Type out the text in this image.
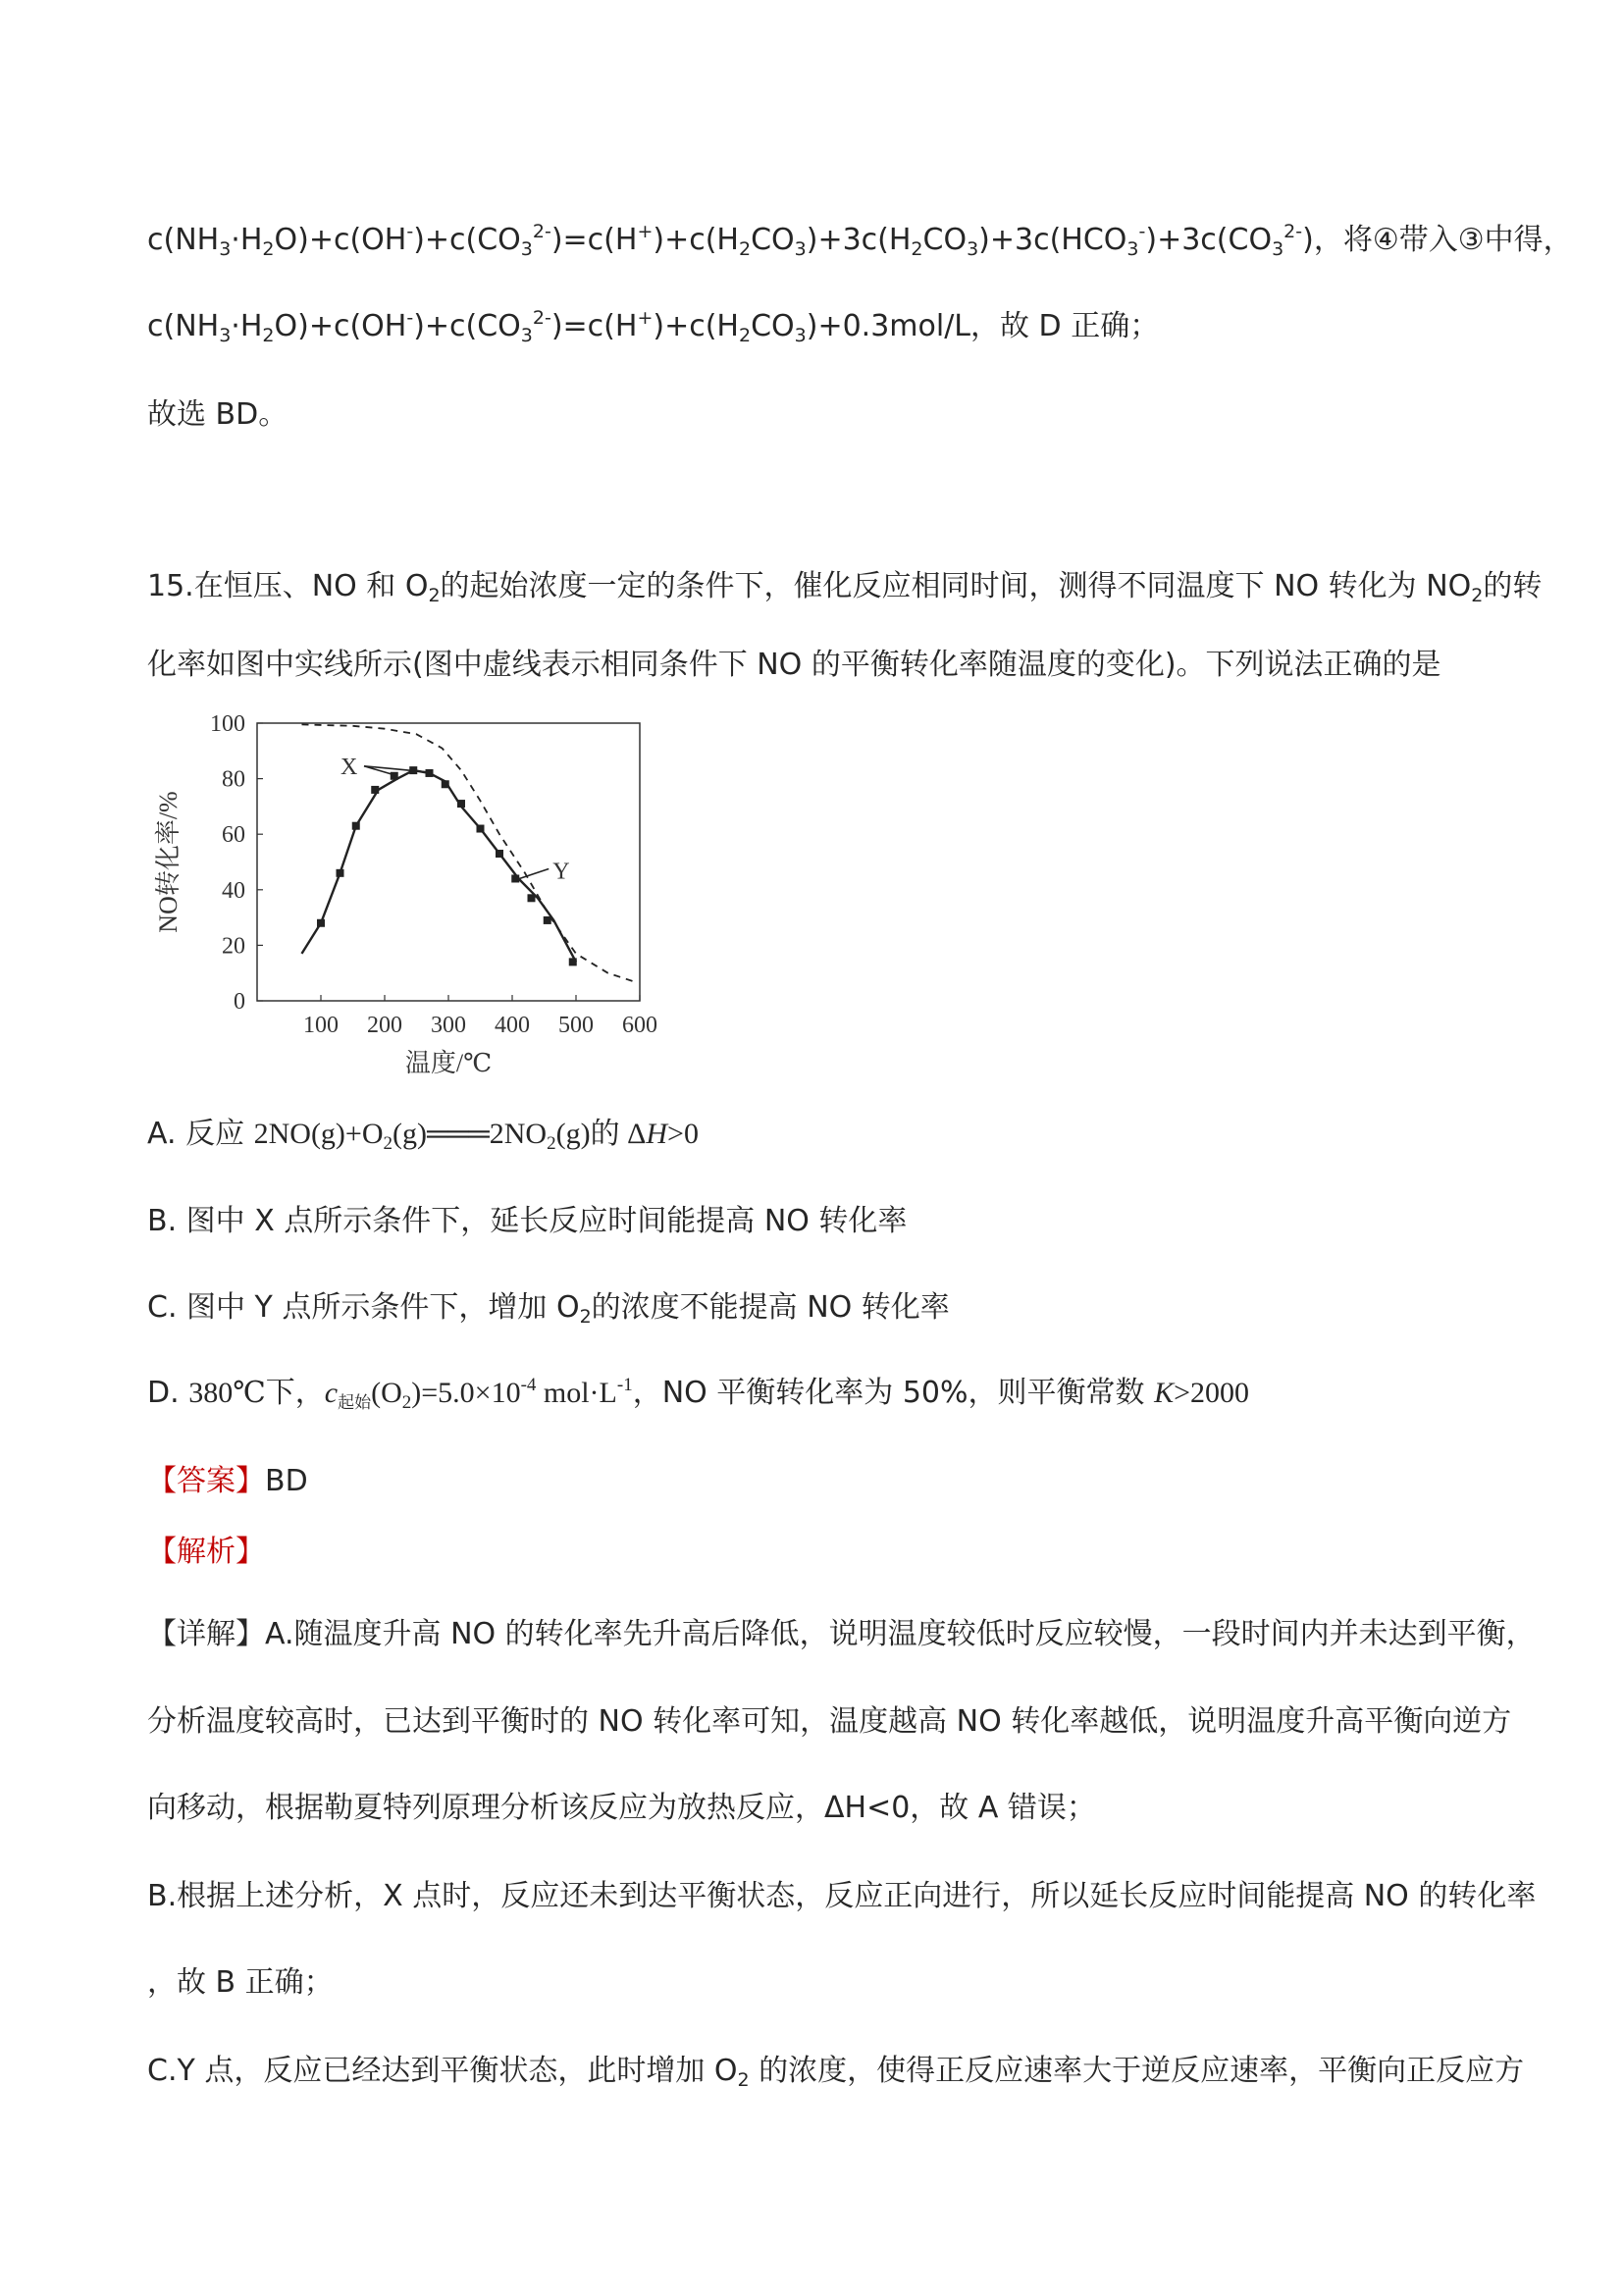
$c(NH_3\cdot H_2O)+c(OH^-)+c(CO_3^{2-})=c(H^+)+c(H_2CO_3)+3c(H_2CO_3)+3c(HCO_3^-)+3c(CO_3^{2-})$，将④带入③中得，
$c(NH_3\cdot H_2O)+c(OH^-)+c(CO_3^{2-})=c(H^+)+c(H_2CO_3)+0.3mol/L$，故 D 正确；
故选 BD。
15.在恒压、NO 和 $O_2$的起始浓度一定的条件下，催化反应相同时间，测得不同温度下 NO 转化为 $NO_2$的转
化率如图中实线所示(图中虚线表示相同条件下 NO 的平衡转化率随温度的变化)。下列说法正确的是
0
20
40
60
80
100
100 200 300 400 500 600
温度/℃
NO转化率/%
X
Y
A. 反应 $2NO(g)+O_2(g)═══2NO_2(g)$的 ΔH>0
B. 图中 X 点所示条件下，延长反应时间能提高 NO 转化率
C. 图中 Y 点所示条件下，增加 $O_2$的浓度不能提高 NO 转化率
D. 380℃下，$c_{起始}(O_2)=5.0\times 10^{-4}$ $mol\cdot L^{-1}$，NO 平衡转化率为 50%，则平衡常数 K>2000
【答案】BD
【解析】
【详解】A.随温度升高 NO 的转化率先升高后降低，说明温度较低时反应较慢，一段时间内并未达到平衡，
分析温度较高时，已达到平衡时的 NO 转化率可知，温度越高 NO 转化率越低，说明温度升高平衡向逆方
向移动，根据勒夏特列原理分析该反应为放热反应，ΔH<0，故 A 错误；
B.根据上述分析，X 点时，反应还未到达平衡状态，反应正向进行，所以延长反应时间能提高 NO 的转化率
，故 B 正确；
C.Y 点，反应已经达到平衡状态，此时增加 $O_2$ 的浓度，使得正反应速率大于逆反应速率，平衡向正反应方
